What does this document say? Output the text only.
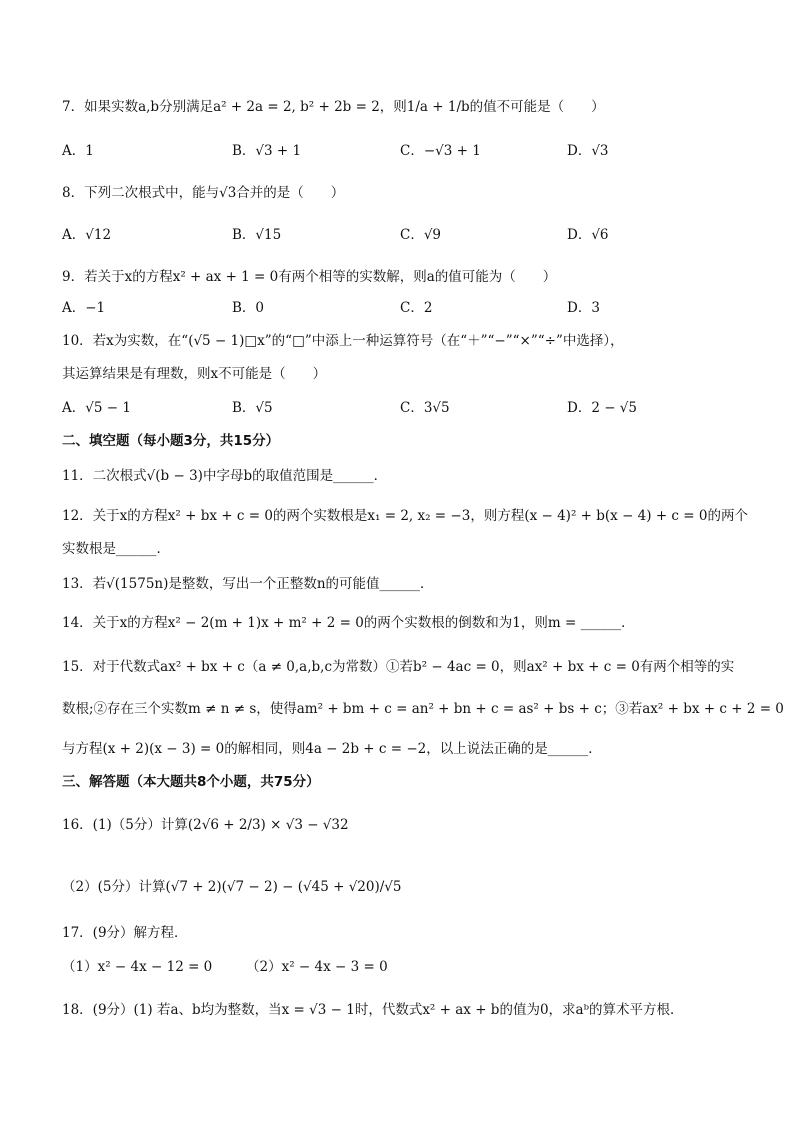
7．如果实数a,b分别满足a² + 2a = 2, b² + 2b = 2，则1/a + 1/b的值不可能是（　　）
A．1	B．√3 + 1	C．−√3 + 1	D．√3
8．下列二次根式中，能与√3合并的是（　　）
A．√12	B．√15	C．√9	D．√6
9．若关于x的方程x² + ax + 1 = 0有两个相等的实数解，则a的值可能为（　　）
A．−1	B．0	C．2	D．3
10．若x为实数，在“(√5 − 1)□x”的“□”中添上一种运算符号（在“＋”“−”“×”“÷”中选择），
其运算结果是有理数，则x不可能是（　　）
A．√5 − 1	B．√5	C．3√5	D．2 − √5
二、填空题（每小题3分，共15分）
11．二次根式√(b − 3)中字母b的取值范围是______．
12．关于x的方程x² + bx + c = 0的两个实数根是x₁ = 2, x₂ = −3，则方程(x − 4)² + b(x − 4) + c = 0的两个
实数根是______．
13．若√(1575n)是整数，写出一个正整数n的可能值______．
14．关于x的方程x² − 2(m + 1)x + m² + 2 = 0的两个实数根的倒数和为1，则m = ______．
15．对于代数式ax² + bx + c（a ≠ 0,a,b,c为常数）①若b² − 4ac = 0，则ax² + bx + c = 0有两个相等的实
数根;②存在三个实数m ≠ n ≠ s，使得am² + bm + c = an² + bn + c = as² + bs + c；③若ax² + bx + c + 2 = 0
与方程(x + 2)(x − 3) = 0的解相同，则4a − 2b + c = −2，以上说法正确的是______．
三、解答题（本大题共8个小题，共75分）
16．(1)（5分）计算(2√6 + 2/3) × √3 − √32
（2）(5分）计算(√7 + 2)(√7 − 2) − (√45 + √20)/√5
17．(9分）解方程．
（1）x² − 4x − 12 = 0　　　（2）x² − 4x − 3 = 0
18．(9分）(1) 若a、b均为整数，当x = √3 − 1时，代数式x² + ax + b的值为0，求aᵇ的算术平方根．
